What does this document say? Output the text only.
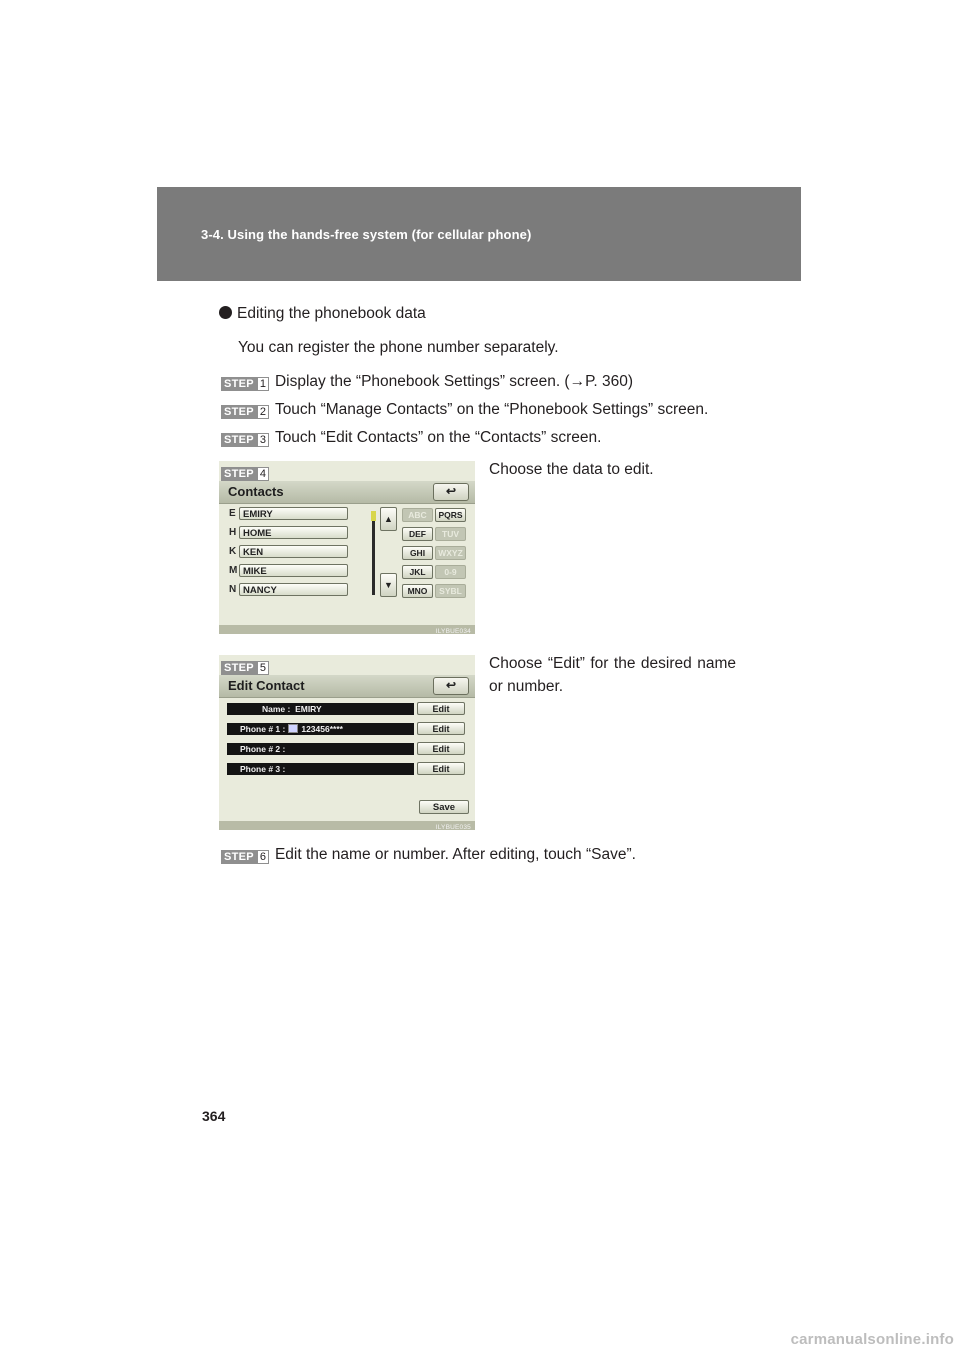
3-4. Using the hands-free system (for cellular phone)
Editing the phonebook data
You can register the phone number separately.
STEP 1 Display the “Phonebook Settings” screen. (→P. 360)
STEP 2 Touch “Manage Contacts” on the “Phonebook Settings” screen.
STEP 3 Touch “Edit Contacts” on the “Contacts” screen.
STEP 4
Contacts	↩
E EMIRY
H HOME
K KEN
M MIKE
N NANCY
▲
▼
ABC	PQRS
DEF	TUV
GHI	WXYZ
JKL	0-9
MNO	SYBL
ILYBUE034
Choose the data to edit.
STEP 5
Edit Contact	↩
Name :  EMIRY	Edit
Phone # 1 : 123456****	Edit
Phone # 2 :	Edit
Phone # 3 :	Edit
Save
ILYBUE035
Choose “Edit” for the desired name or number.
STEP 6 Edit the name or number. After editing, touch “Save”.
364
carmanualsonline.info
